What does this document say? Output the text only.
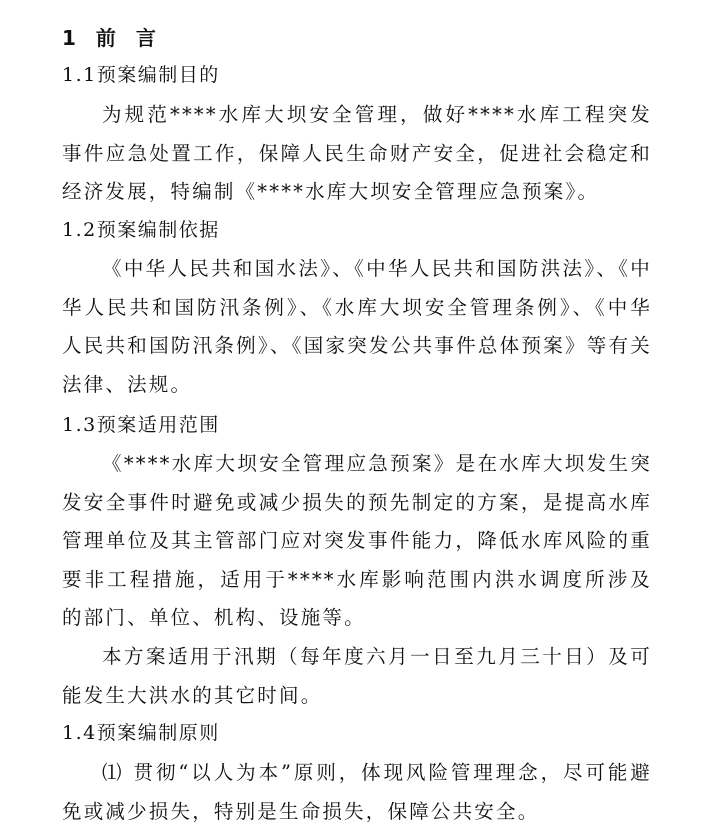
1 前 言
1.1预案编制目的
为规范****水库大坝安全管理，做好****水库工程突发事件应急处置工作，保障人民生命财产安全，促进社会稳定和经济发展，特编制《****水库大坝安全管理应急预案》。
1.2预案编制依据
《中华人民共和国水法》、《中华人民共和国防洪法》、《中华人民共和国防汛条例》、《水库大坝安全管理条例》、《中华人民共和国防汛条例》、《国家突发公共事件总体预案》等有关法律、法规。
1.3预案适用范围
《****水库大坝安全管理应急预案》是在水库大坝发生突发安全事件时避免或减少损失的预先制定的方案，是提高水库管理单位及其主管部门应对突发事件能力，降低水库风险的重要非工程措施，适用于****水库影响范围内洪水调度所涉及的部门、单位、机构、设施等。
本方案适用于汛期（每年度六月一日至九月三十日）及可能发生大洪水的其它时间。
1.4预案编制原则
⑴ 贯彻“以人为本”原则，体现风险管理理念，尽可能避免或减少损失，特别是生命损失，保障公共安全。
